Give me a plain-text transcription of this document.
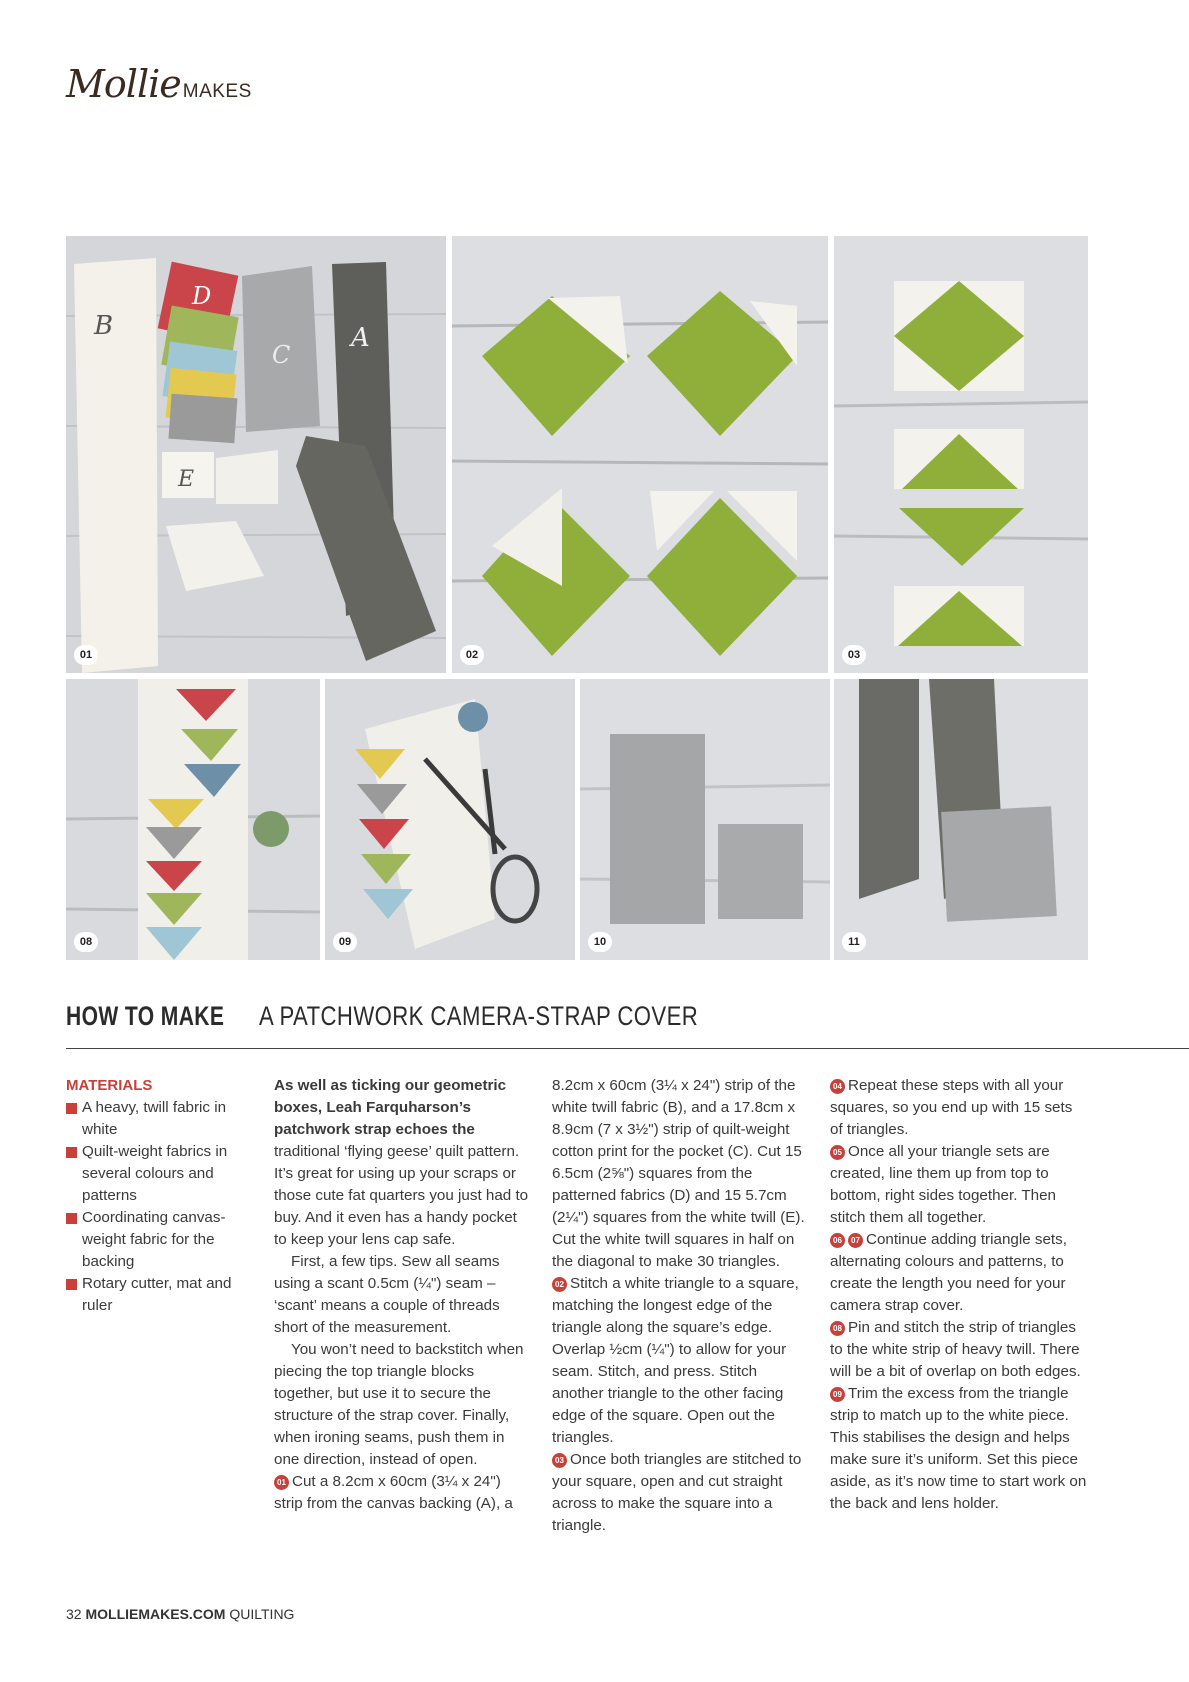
Mollie MAKES
B
D
C
A
E
01	02	03
08	09	10	11
HOW TO MAKE A PATCHWORK CAMERA-STRAP COVER

MATERIALS

A heavy, twill fabric in white
Quilt-weight fabrics in several colours and patterns
Coordinating canvas-weight fabric for the backing
Rotary cutter, mat and ruler

As well as ticking our geometric boxes, Leah Farquharson’s patchwork strap echoes the traditional ‘flying geese’ quilt pattern. It’s great for using up your scraps or those cute fat quarters you just had to buy. And it even has a handy pocket to keep your lens cap safe.

First, a few tips. Sew all seams using a scant 0.5cm (¼") seam – ‘scant’ means a couple of threads short of the measurement.

You won’t need to backstitch when piecing the top triangle blocks together, but use it to secure the structure of the strap cover. Finally, when ironing seams, push them in one direction, instead of open.

01 Cut a 8.2cm x 60cm (3¼ x 24") strip from the canvas backing (A), a

8.2cm x 60cm (3¼ x 24") strip of the white twill fabric (B), and a 17.8cm x 8.9cm (7 x 3½") strip of quilt-weight cotton print for the pocket (C). Cut 15 6.5cm (2⅝") squares from the patterned fabrics (D) and 15 5.7cm (2¼") squares from the white twill (E). Cut the white twill squares in half on the diagonal to make 30 triangles.

02 Stitch a white triangle to a square, matching the longest edge of the triangle along the square’s edge. Overlap ½cm (¼") to allow for your seam. Stitch, and press. Stitch another triangle to the other facing edge of the square. Open out the triangles.

03 Once both triangles are stitched to your square, open and cut straight across to make the square into a triangle.

04 Repeat these steps with all your squares, so you end up with 15 sets of triangles.

05 Once all your triangle sets are created, line them up from top to bottom, right sides together. Then stitch them all together.

06 07 Continue adding triangle sets, alternating colours and patterns, to create the length you need for your camera strap cover.

08 Pin and stitch the strip of triangles to the white strip of heavy twill. There will be a bit of overlap on both edges.

09 Trim the excess from the triangle strip to match up to the white piece. This stabilises the design and helps make sure it’s uniform. Set this piece aside, as it’s now time to start work on the back and lens holder.

32 MOLLIEMAKES.COM QUILTING
